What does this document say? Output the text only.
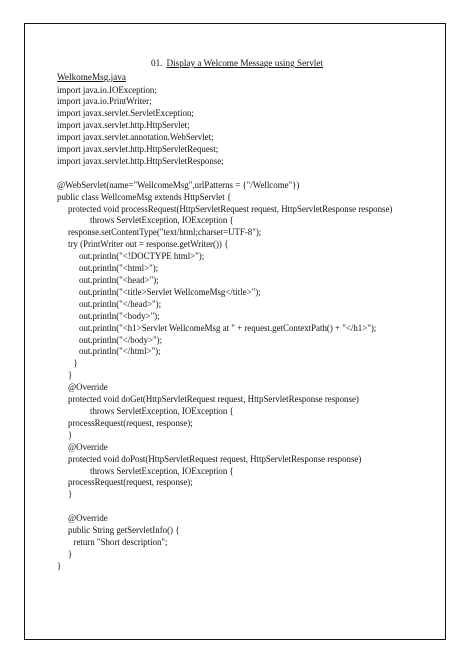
01. Display a Welcome Message using Servlet
WelkomeMsg.java
import java.io.IOException;
import java.io.PrintWriter;
import javax.servlet.ServletException;
import javax.servlet.http.HttpServlet;
import javax.servlet.annotation.WebServlet;
import javax.servlet.http.HttpServletRequest;
import javax.servlet.http.HttpServletResponse;
@WebServlet(name="WellcomeMsg",urlPatterns = {"/Wellcome"})
public class WellcomeMsg extends HttpServlet {
protected void processRequest(HttpServletRequest request, HttpServletResponse response)
throws ServletException, IOException {
response.setContentType("text/html;charset=UTF-8");
try (PrintWriter out = response.getWriter()) {
out.println("<!DOCTYPE html>");
out.println("<html>");
out.println("<head>");
out.println("<title>Servlet WellcomeMsg</title>");
out.println("</head>");
out.println("<body>");
out.println("<h1>Servlet WellcomeMsg at " + request.getContextPath() + "</h1>");
out.println("</body>");
out.println("</html>");
}
}
@Override
protected void doGet(HttpServletRequest request, HttpServletResponse response)
throws ServletException, IOException {
processRequest(request, response);
}
@Override
protected void doPost(HttpServletRequest request, HttpServletResponse response)
throws ServletException, IOException {
processRequest(request, response);
}
@Override
public String getServletInfo() {
return "Short description";
}
}
